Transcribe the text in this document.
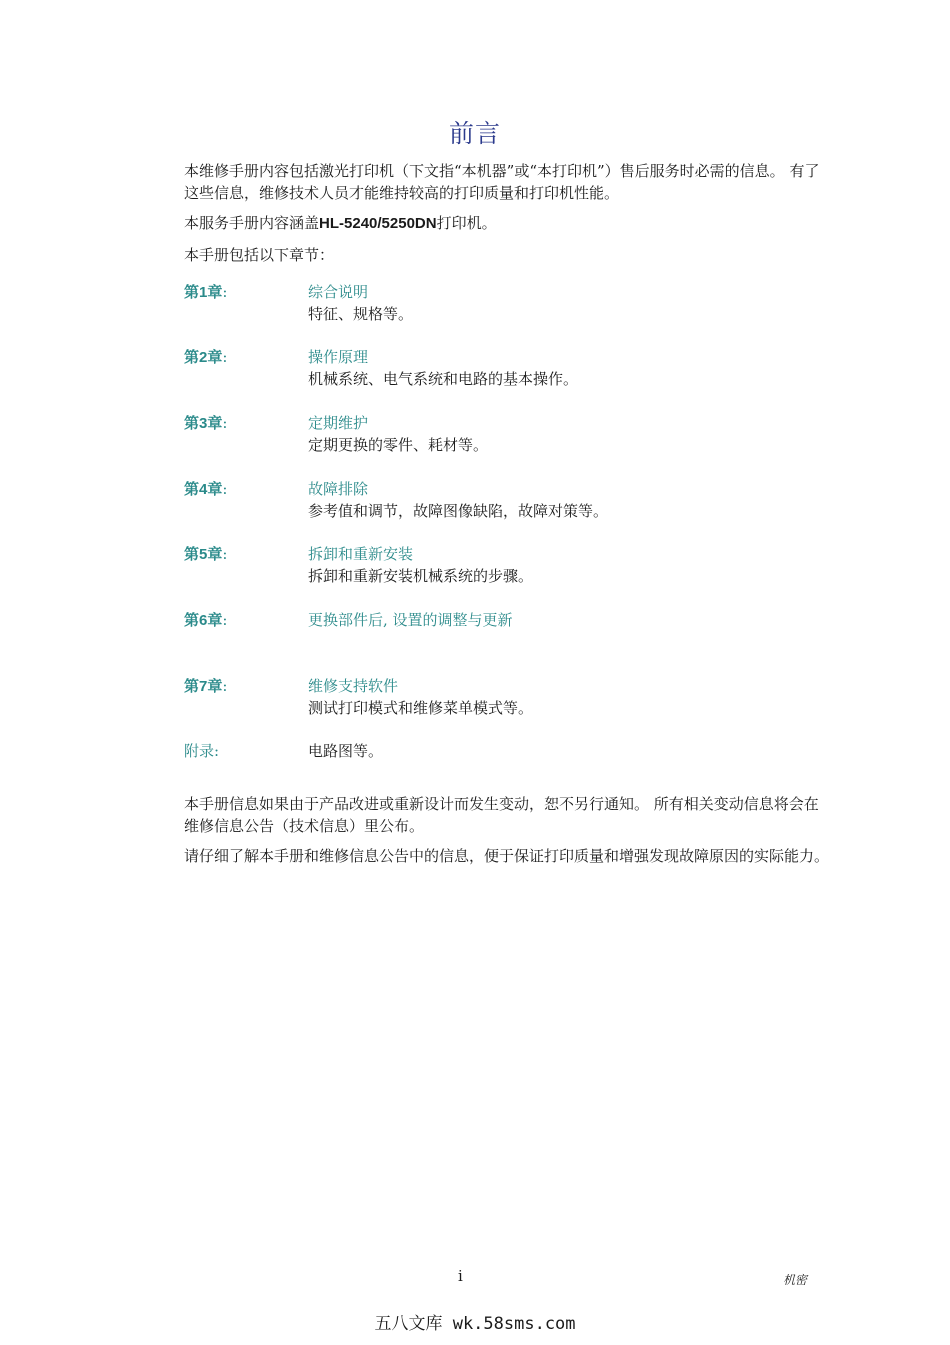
前言
本维修手册内容包括激光打印机（下文指“本机器”或“本打印机”）售后服务时必需的信息。 有了这些信息，维修技术人员才能维持较高的打印质量和打印机性能。
本服务手册内容涵盖HL-5240/5250DN打印机。
本手册包括以下章节：
第1章:	综合说明
特征、规格等。
第2章:	操作原理
机械系统、电气系统和电路的基本操作。
第3章:	定期维护
定期更换的零件、耗材等。
第4章:	故障排除
参考值和调节，故障图像缺陷，故障对策等。
第5章:	拆卸和重新安装
拆卸和重新安装机械系统的步骤。
第6章:	更换部件后, 设置的调整与更新
第7章:	维修支持软件
测试打印模式和维修菜单模式等。
附录:	电路图等。
本手册信息如果由于产品改进或重新设计而发生变动，恕不另行通知。 所有相关变动信息将会在维修信息公告（技术信息）里公布。
请仔细了解本手册和维修信息公告中的信息，便于保证打印质量和增强发现故障原因的实际能力。
i	机密
五八文库 wk.58sms.com
